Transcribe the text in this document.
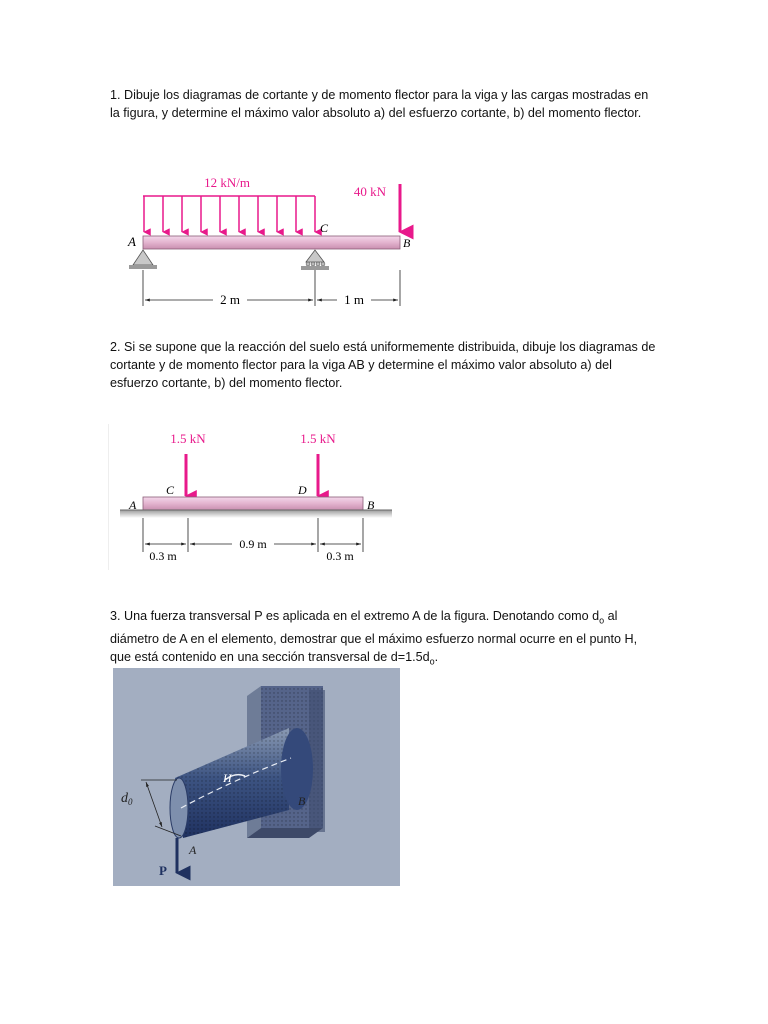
1. Dibuje los diagramas de cortante y de momento flector para la viga y las cargas mostradas en la figura, y determine el máximo valor absoluto a) del esfuerzo cortante, b) del momento flector.

12 kN/m
40 kN
A	B
C
2 m	1 m

2. Si se supone que la reacción del suelo está uniformemente distribuida, dibuje los diagramas de cortante y de momento flector para la viga AB y determine el máximo valor absoluto a) del esfuerzo cortante, b) del momento flector.

1.5 kN	1.5 kN
A	B
C	D
0.9 m
0.3 m	0.3 m

3. Una fuerza transversal P es aplicada en el extremo A de la figura. Denotando como $d_o$ al diámetro de A en el elemento, demostrar que el máximo esfuerzo normal ocurre en el punto H, que está contenido en una sección transversal de $d=1.5d_o$.

$d_0$
P
A
B
H
